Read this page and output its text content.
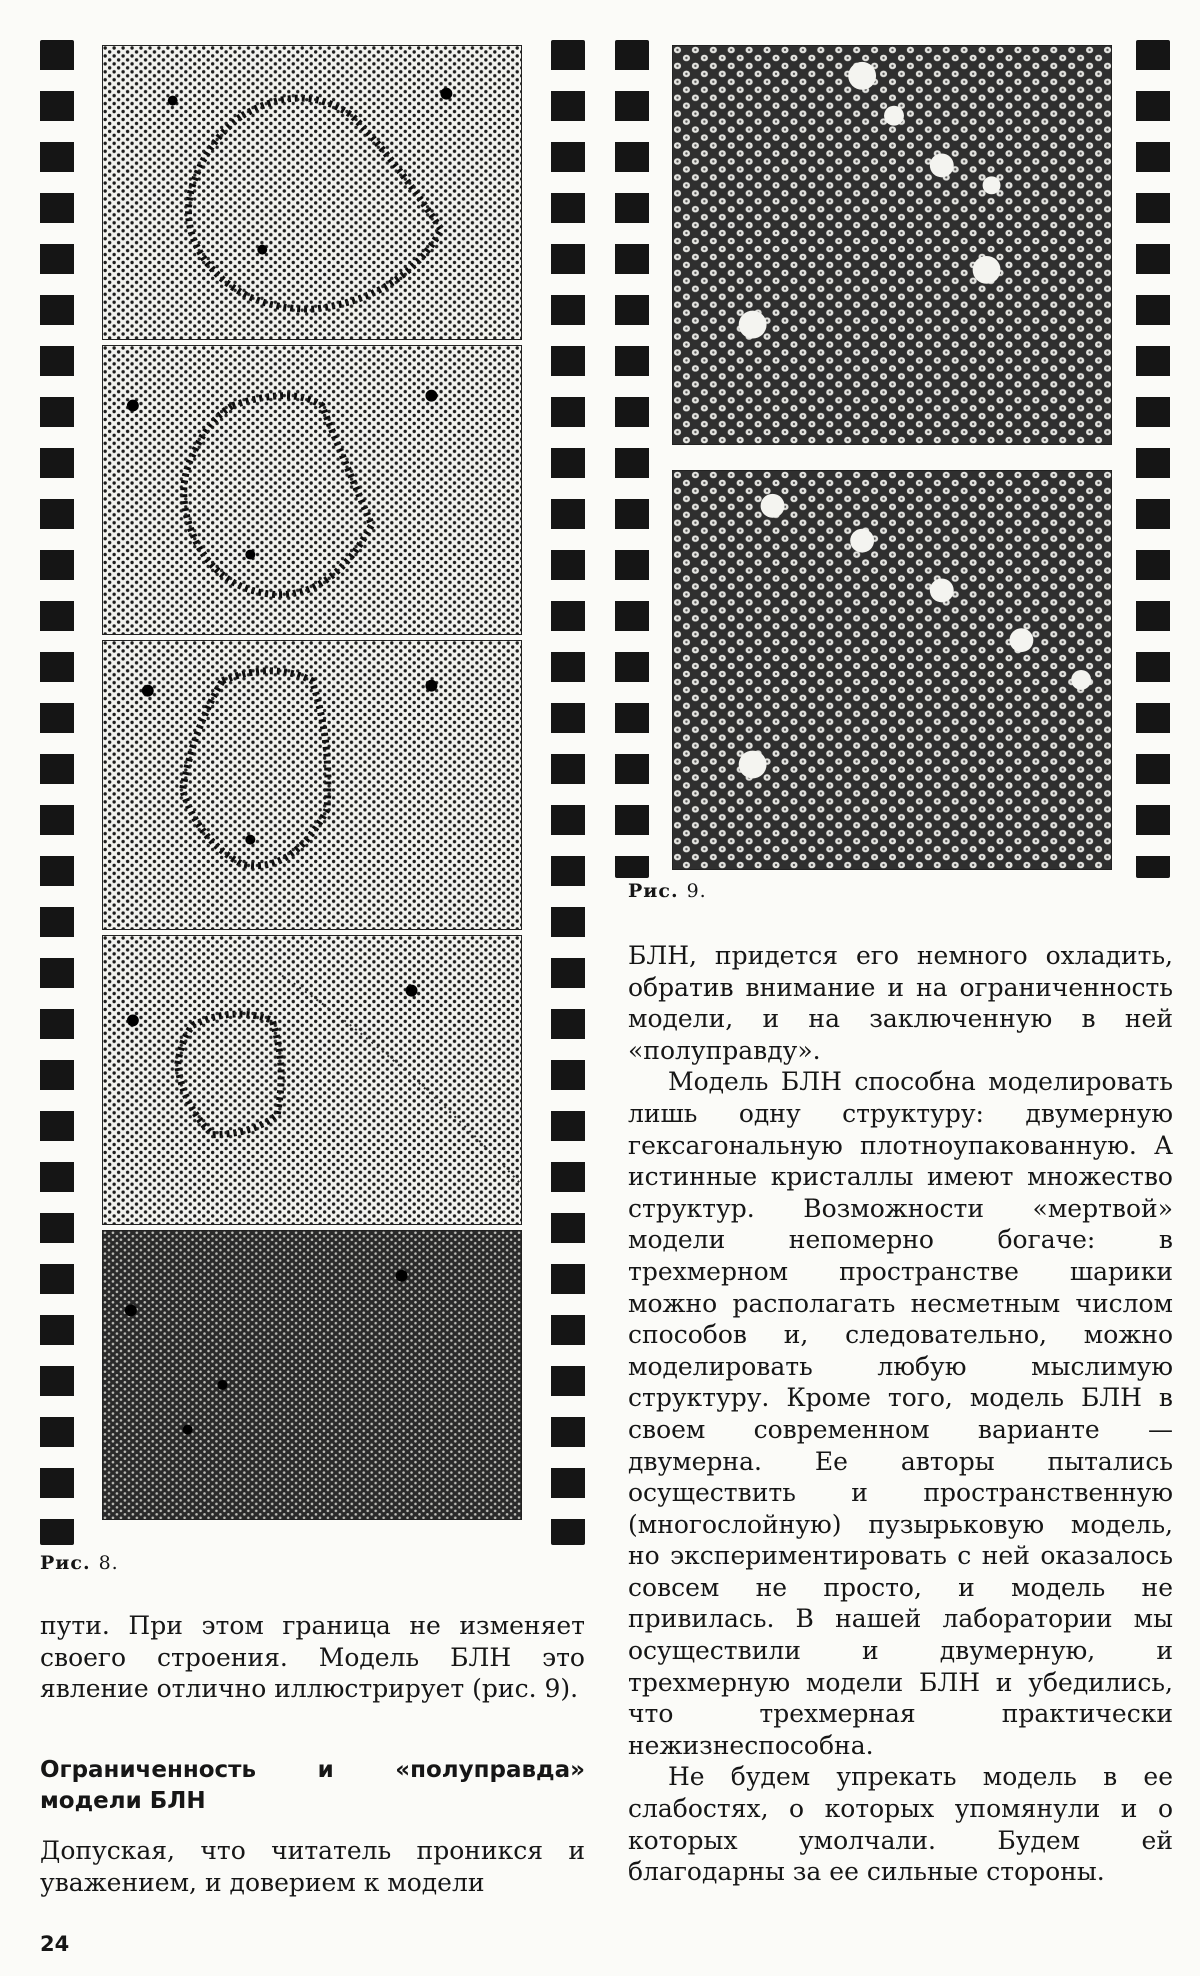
Рис. 8.
Рис. 9.

пути. При этом граница не изменяет своего строения. Модель БЛН это явление отлично иллюстрирует (рис. 9).

Ограниченность и «полуправда» модели БЛН

Допуская, что читатель проникся и уважением, и доверием к модели

БЛН, придется его немного охладить, обратив внимание и на ограниченность модели, и на заключенную в ней «полуправду».

Модель БЛН способна моделировать лишь одну структуру: двумерную гексагональную плотноупакованную. А истинные кристаллы имеют множество структур. Возможности «мертвой» модели непомерно богаче: в трехмерном пространстве шарики можно располагать несметным числом способов и, следовательно, можно моделировать любую мыслимую структуру. Кроме того, модель БЛН в своем современном варианте — двумерна. Ее авторы пытались осуществить и пространственную (многослойную) пузырьковую модель, но экспериментировать с ней оказалось совсем не просто, и модель не привилась. В нашей лаборатории мы осуществили и двумерную, и трехмерную модели БЛН и убедились, что трехмерная практически нежизнеспособна.

Не будем упрекать модель в ее слабостях, о которых упомянули и о которых умолчали. Будем ей благодарны за ее сильные стороны.

24
